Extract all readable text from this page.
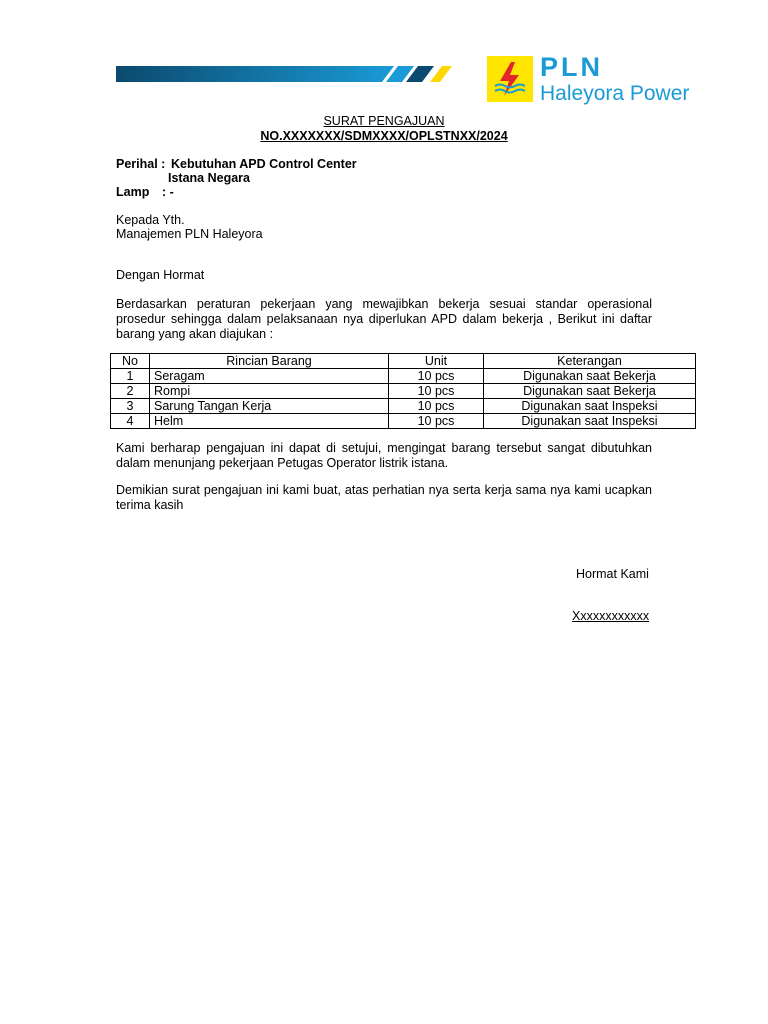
PLN
Haleyora Power
SURAT PENGAJUAN
NO.XXXXXXX/SDMXXXX/OPLSTNXX/2024
Perihal : Kebutuhan APD Control Center
Istana Negara
Lamp : -
Kepada Yth.
Manajemen PLN Haleyora
Dengan Hormat
Berdasarkan peraturan pekerjaan yang mewajibkan bekerja sesuai standar operasional prosedur sehingga dalam pelaksanaan nya diperlukan APD dalam bekerja , Berikut ini daftar barang yang akan diajukan :
No	Rincian Barang	Unit	Keterangan
1	Seragam	10 pcs	Digunakan saat Bekerja
2	Rompi	10 pcs	Digunakan saat Bekerja
3	Sarung Tangan Kerja	10 pcs	Digunakan saat Inspeksi
4	Helm	10 pcs	Digunakan saat Inspeksi
Kami berharap pengajuan ini dapat di setujui, mengingat barang tersebut sangat dibutuhkan dalam menunjang pekerjaan Petugas Operator listrik istana.
Demikian surat pengajuan ini kami buat, atas perhatian nya serta kerja sama nya kami ucapkan terima kasih
Hormat Kami
Xxxxxxxxxxxx
